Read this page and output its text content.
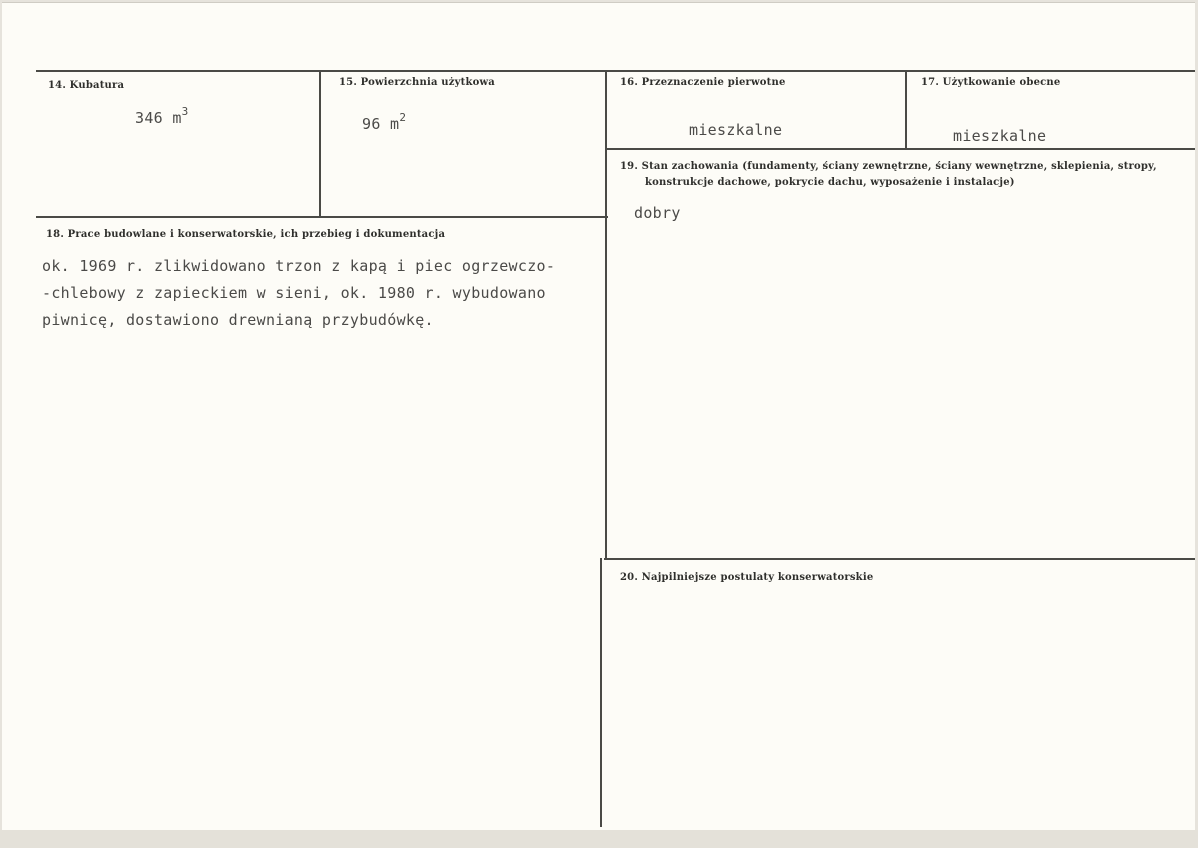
14. Kubatura
346 $m^3$
15. Powierzchnia użytkowa
96 $m^2$
16. Przeznaczenie pierwotne
mieszkalne
17. Użytkowanie obecne
mieszkalne
18. Prace budowlane i konserwatorskie, ich przebieg i dokumentacja
ok. 1969 r. zlikwidowano trzon z kapą i piec ogrzewczo-
-chlebowy z zapieckiem w sieni, ok. 1980 r. wybudowano
piwnicę, dostawiono drewnianą przybudówkę.
19. Stan zachowania (fundamenty, ściany zewnętrzne, ściany wewnętrzne, sklepienia, stropy,
konstrukcje dachowe, pokrycie dachu, wyposażenie i instalacje)
dobry
20. Najpilniejsze postulaty konserwatorskie
